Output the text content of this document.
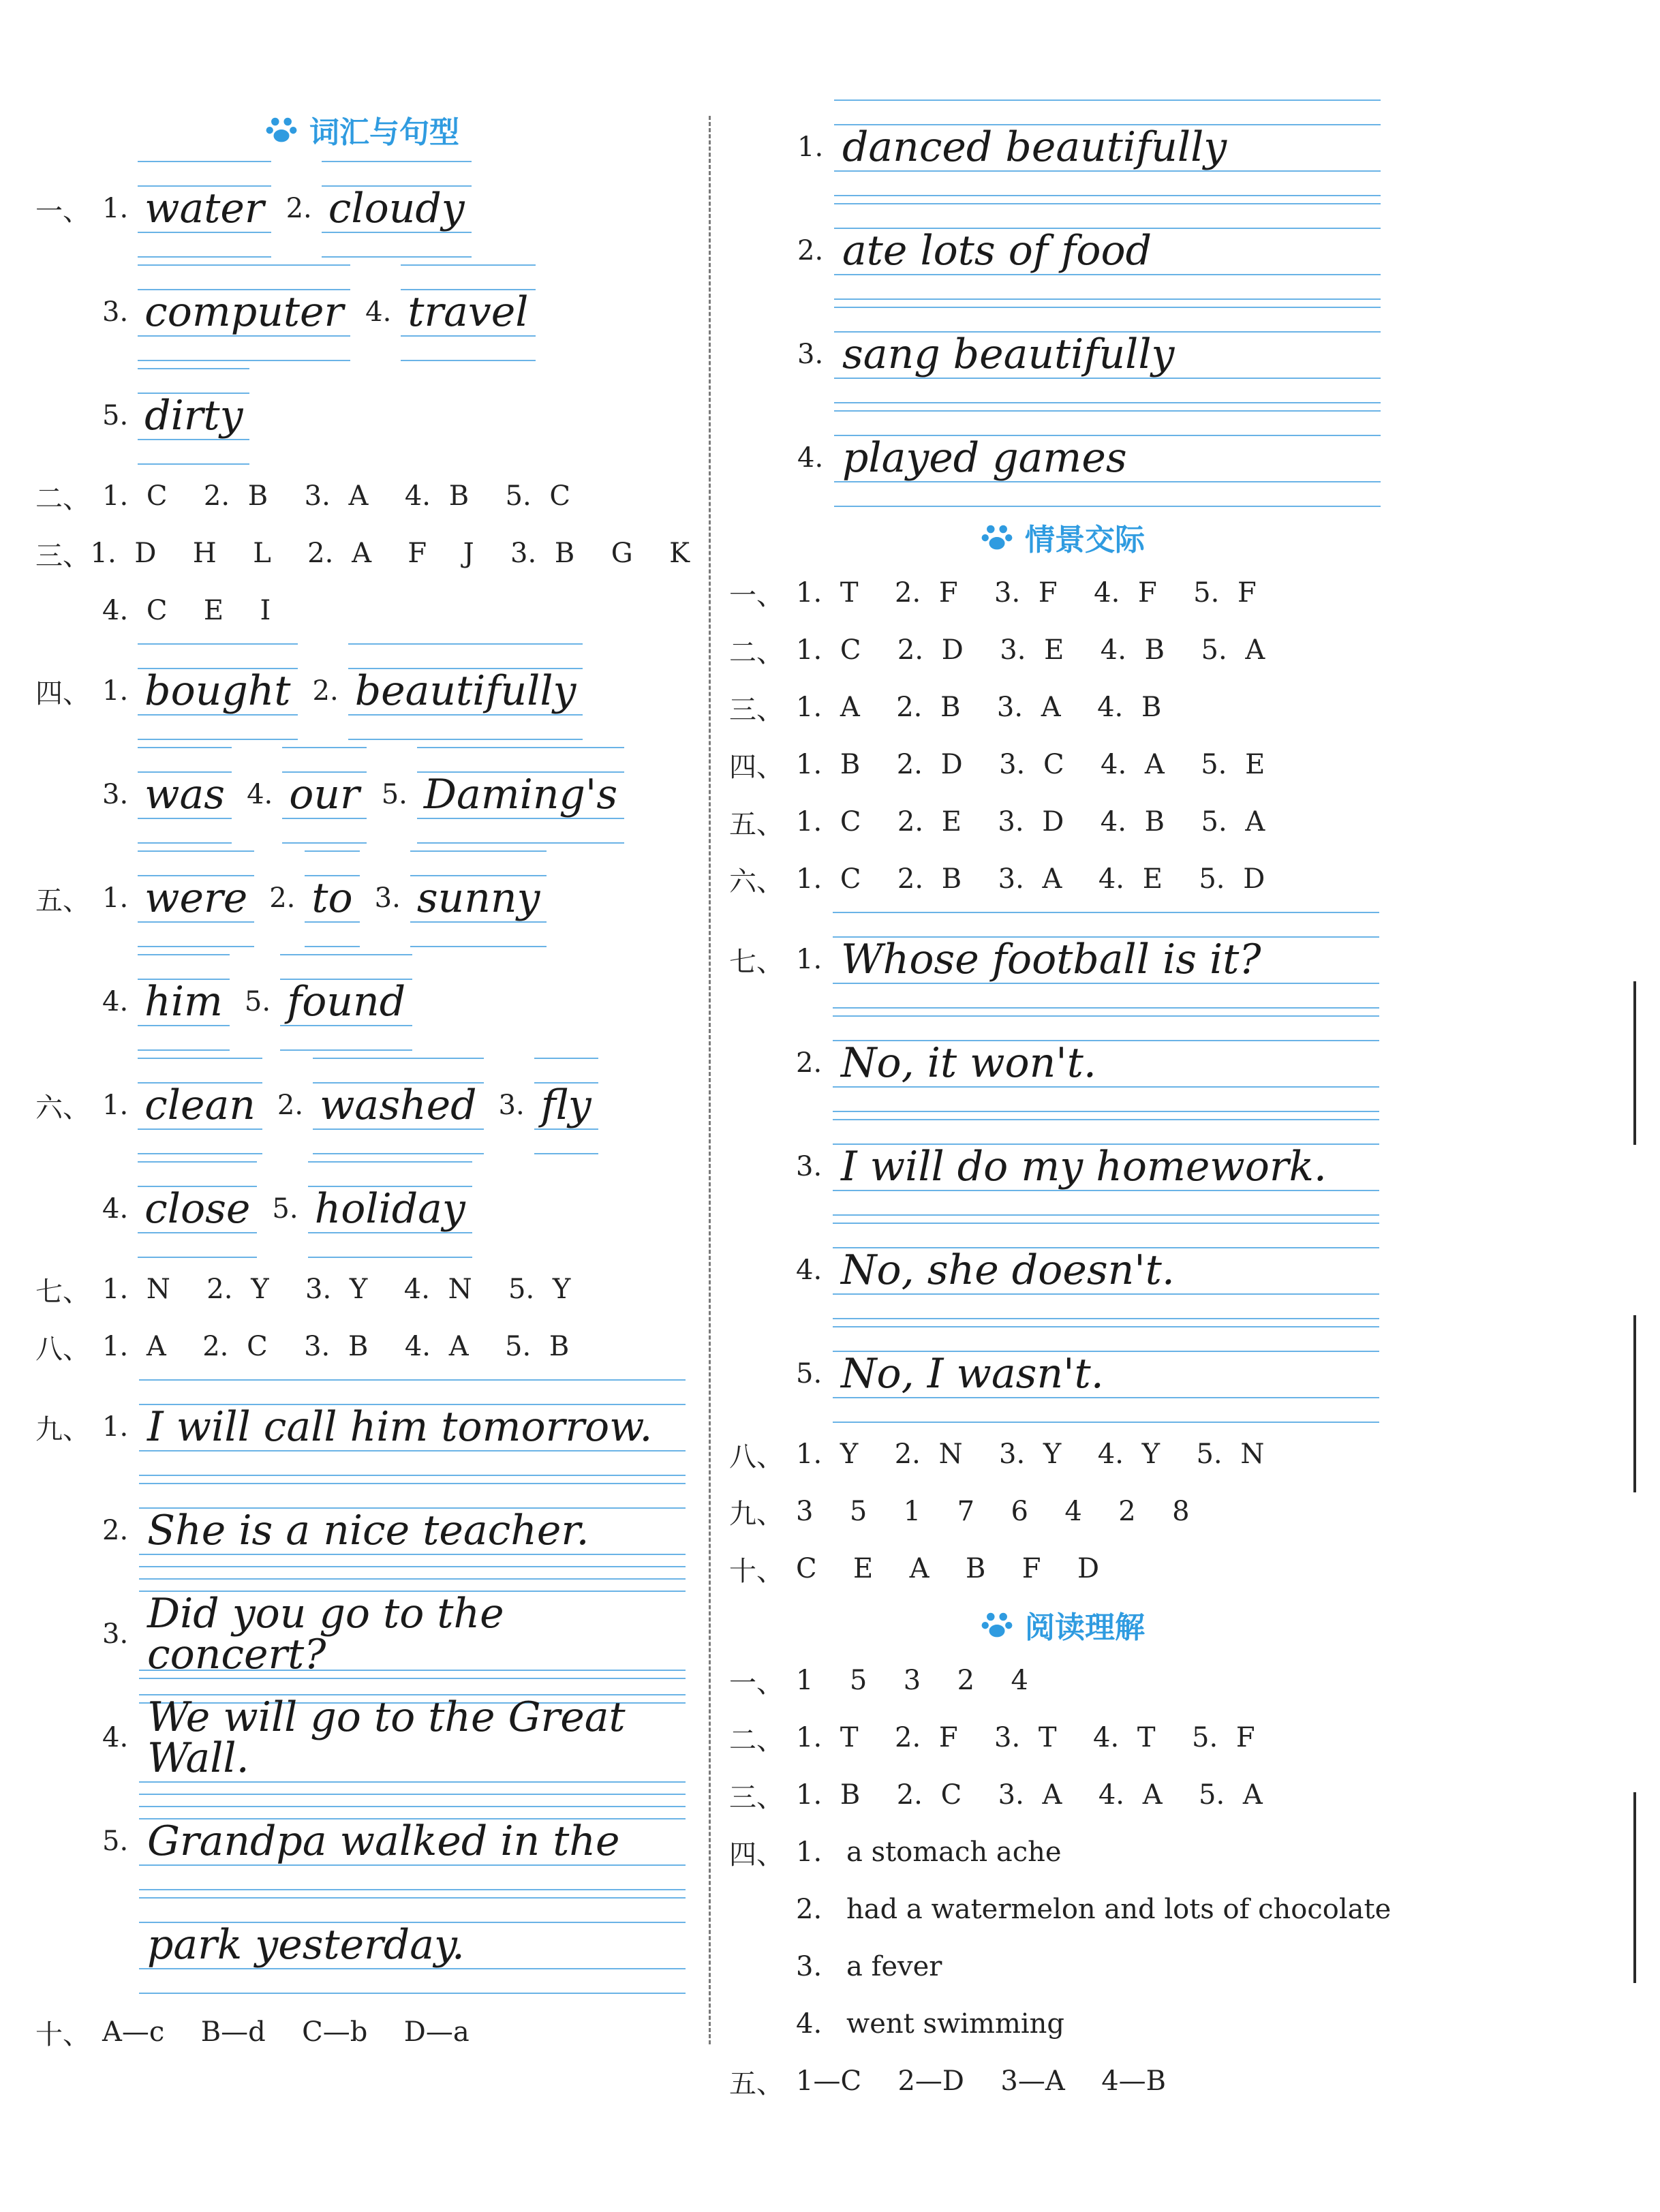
词汇与句型
一、 1. water 2. cloudy
3. computer 4. travel
5. dirty
二、 1. C  2. B  3. A  4. B  5. C
三、 1. D  H  L  2. A  F  J  3. B  G  K
4. C  E  I
四、 1. bought 2. beautifully
3. was 4. our 5. Daming's
五、 1. were 2. to 3. sunny
4. him 5. found
六、 1. clean 2. washed 3. fly
4. close 5. holiday
七、 1. N  2. Y  3. Y  4. N  5. Y
八、 1. A  2. C  3. B  4. A  5. B
九、 1. I will call him tomorrow.
2. She is a nice teacher.
3. Did you go to the concert?
4. We will go to the Great Wall.
5. Grandpa walked in the
park yesterday.
十、 A—c  B—d  C—b  D—a
1. danced beautifully
2. ate lots of food
3. sang beautifully
4. played games
情景交际
一、 1. T  2. F  3. F  4. F  5. F
二、 1. C  2. D  3. E  4. B  5. A
三、 1. A  2. B  3. A  4. B
四、 1. B  2. D  3. C  4. A  5. E
五、 1. C  2. E  3. D  4. B  5. A
六、 1. C  2. B  3. A  4. E  5. D
七、 1. Whose football is it?
2. No, it won't.
3. I will do my homework.
4. No, she doesn't.
5. No, I wasn't.
八、 1. Y  2. N  3. Y  4. Y  5. N
九、 3  5  1  7  6  4  2  8
十、 C  E  A  B  F  D
阅读理解
一、 1  5  3  2  4
二、 1. T  2. F  3. T  4. T  5. F
三、 1. B  2. C  3. A  4. A  5. A
四、 1. a stomach ache
2. had a watermelon and lots of chocolate
3. a fever
4. went swimming
五、 1—C  2—D  3—A  4—B
